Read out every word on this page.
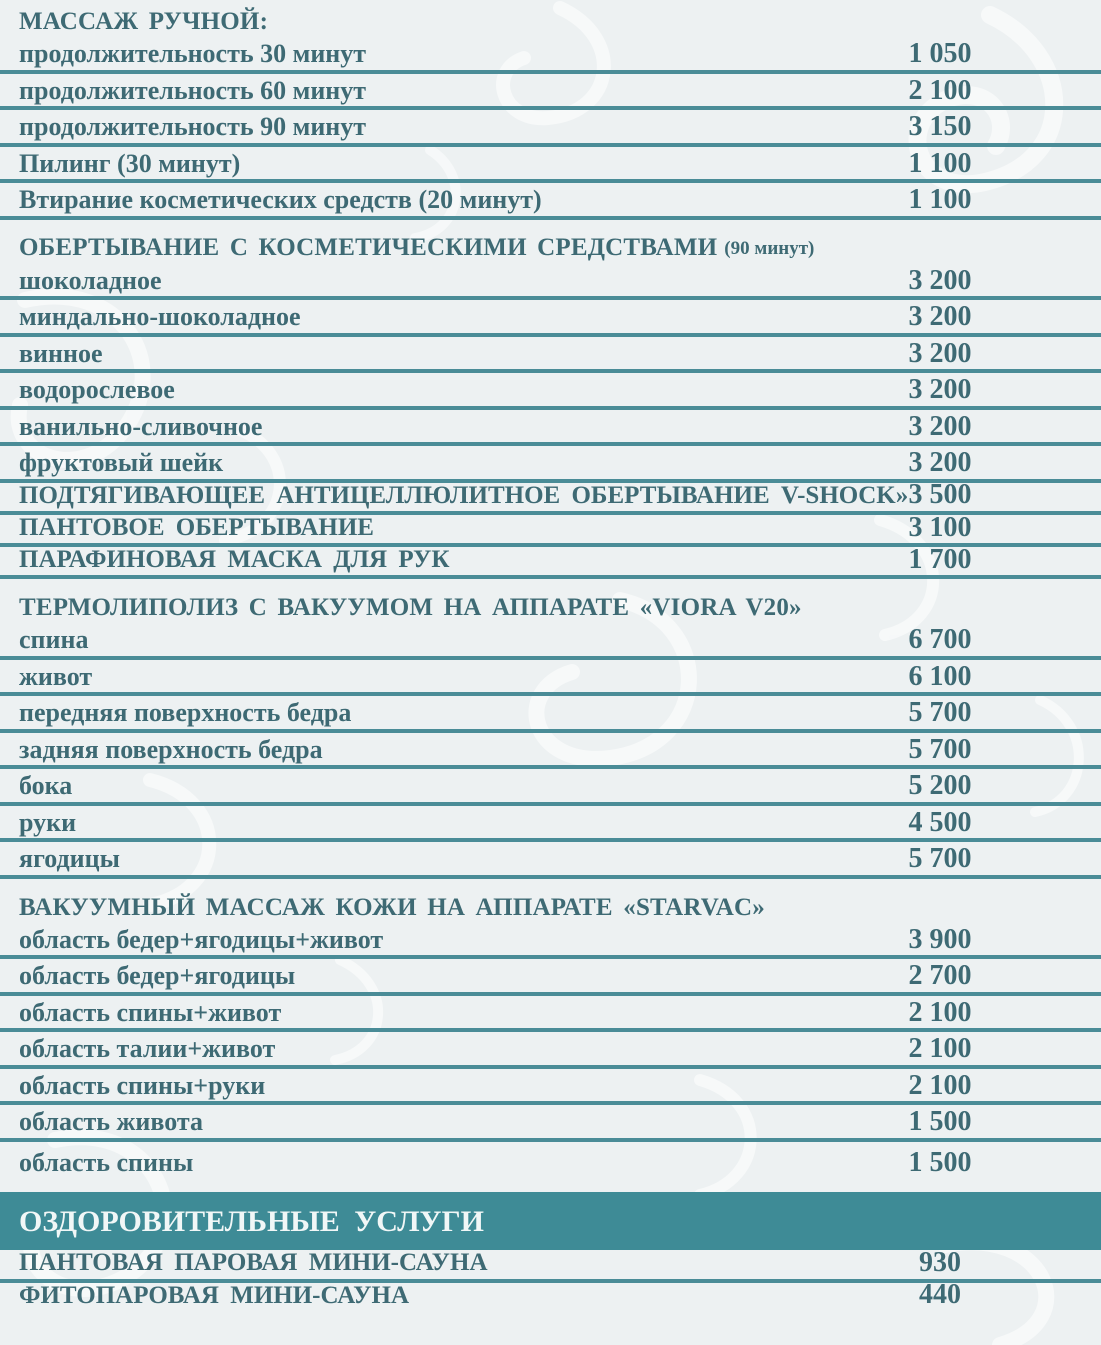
МАССАЖ РУЧНОЙ:
продолжительность 30 минут	1 050
продолжительность 60 минут	2 100
продолжительность 90 минут	3 150
Пилинг (30 минут)	1 100
Втирание косметических средств (20 минут)	1 100
ОБЕРТЫВАНИЕ С КОСМЕТИЧЕСКИМИ СРЕДСТВАМИ (90 минут)
шоколадное	3 200
миндально-шоколадное	3 200
винное	3 200
водорослевое	3 200
ванильно-сливочное	3 200
фруктовый шейк	3 200
ПОДТЯГИВАЮЩЕЕ АНТИЦЕЛЛЮЛИТНОЕ ОБЕРТЫВАНИЕ V-SHOCK» 3 500
ПАНТОВОЕ ОБЕРТЫВАНИЕ	3 100
ПАРАФИНОВАЯ МАСКА ДЛЯ РУК	1 700
ТЕРМОЛИПОЛИЗ С ВАКУУМОМ НА АППАРАТЕ «VIORA V20»
спина	6 700
живот	6 100
передняя поверхность бедра	5 700
задняя поверхность бедра	5 700
бока	5 200
руки	4 500
ягодицы	5 700
ВАКУУМНЫЙ МАССАЖ КОЖИ НА АППАРАТЕ «STARVAC»
область бедер+ягодицы+живот	3 900
область бедер+ягодицы	2 700
область спины+живот	2 100
область талии+живот	2 100
область спины+руки	2 100
область живота	1 500
область спины	1 500
ОЗДОРОВИТЕЛЬНЫЕ УСЛУГИ
ПАНТОВАЯ ПАРОВАЯ МИНИ-САУНА	930
ФИТОПАРОВАЯ МИНИ-САУНА	440
